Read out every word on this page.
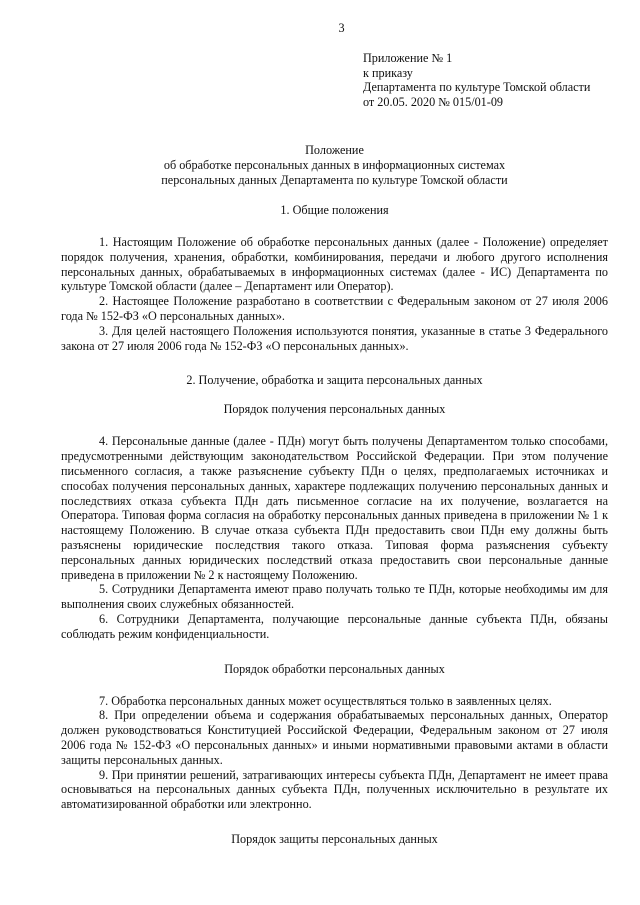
3
Приложение № 1
к приказу
Департамента по культуре Томской области
от 20.05. 2020 № 015/01-09
Положение
об обработке персональных данных в информационных системах
персональных данных Департамента по культуре Томской области
1. Общие положения

1. Настоящим Положение об обработке персональных данных (далее - Положение) определяет порядок получения, хранения, обработки, комбинирования, передачи и любого другого исполнения персональных данных, обрабатываемых в информационных системах (далее - ИС) Департамента по культуре Томской области (далее – Департамент или Оператор).

2. Настоящее Положение разработано в соответствии с Федеральным законом от 27 июля 2006 года № 152-ФЗ «О персональных данных».

3. Для целей настоящего Положения используются понятия, указанные в статье 3 Федерального закона от 27 июля 2006 года № 152-ФЗ «О персональных данных».

2. Получение, обработка и защита персональных данных
Порядок получения персональных данных

4. Персональные данные (далее - ПДн) могут быть получены Департаментом только способами, предусмотренными действующим законодательством Российской Федерации. При этом получение письменного согласия, а также разъяснение субъекту ПДн о целях, предполагаемых источниках и способах получения персональных данных, характере подлежащих получению персональных данных и последствиях отказа субъекта ПДн дать письменное согласие на их получение, возлагается на Оператора. Типовая форма согласия на обработку персональных данных приведена в приложении № 1 к настоящему Положению. В случае отказа субъекта ПДн предоставить свои ПДн ему должны быть разъяснены юридические последствия такого отказа. Типовая форма разъяснения субъекту персональных данных юридических последствий отказа предоставить свои персональные данные приведена в приложении № 2 к настоящему Положению.

5. Сотрудники Департамента имеют право получать только те ПДн, которые необходимы им для выполнения своих служебных обязанностей.

6. Сотрудники Департамента, получающие персональные данные субъекта ПДн, обязаны соблюдать режим конфиденциальности.

Порядок обработки персональных данных

7. Обработка персональных данных может осуществляться только в заявленных целях.

8. При определении объема и содержания обрабатываемых персональных данных, Оператор должен руководствоваться Конституцией Российской Федерации, Федеральным законом от 27 июля 2006 года № 152-ФЗ «О персональных данных» и иными нормативными правовыми актами в области защиты персональных данных.

9. При принятии решений, затрагивающих интересы субъекта ПДн, Департамент не имеет права основываться на персональных данных субъекта ПДн, полученных исключительно в результате их автоматизированной обработки или электронно.

Порядок защиты персональных данных
